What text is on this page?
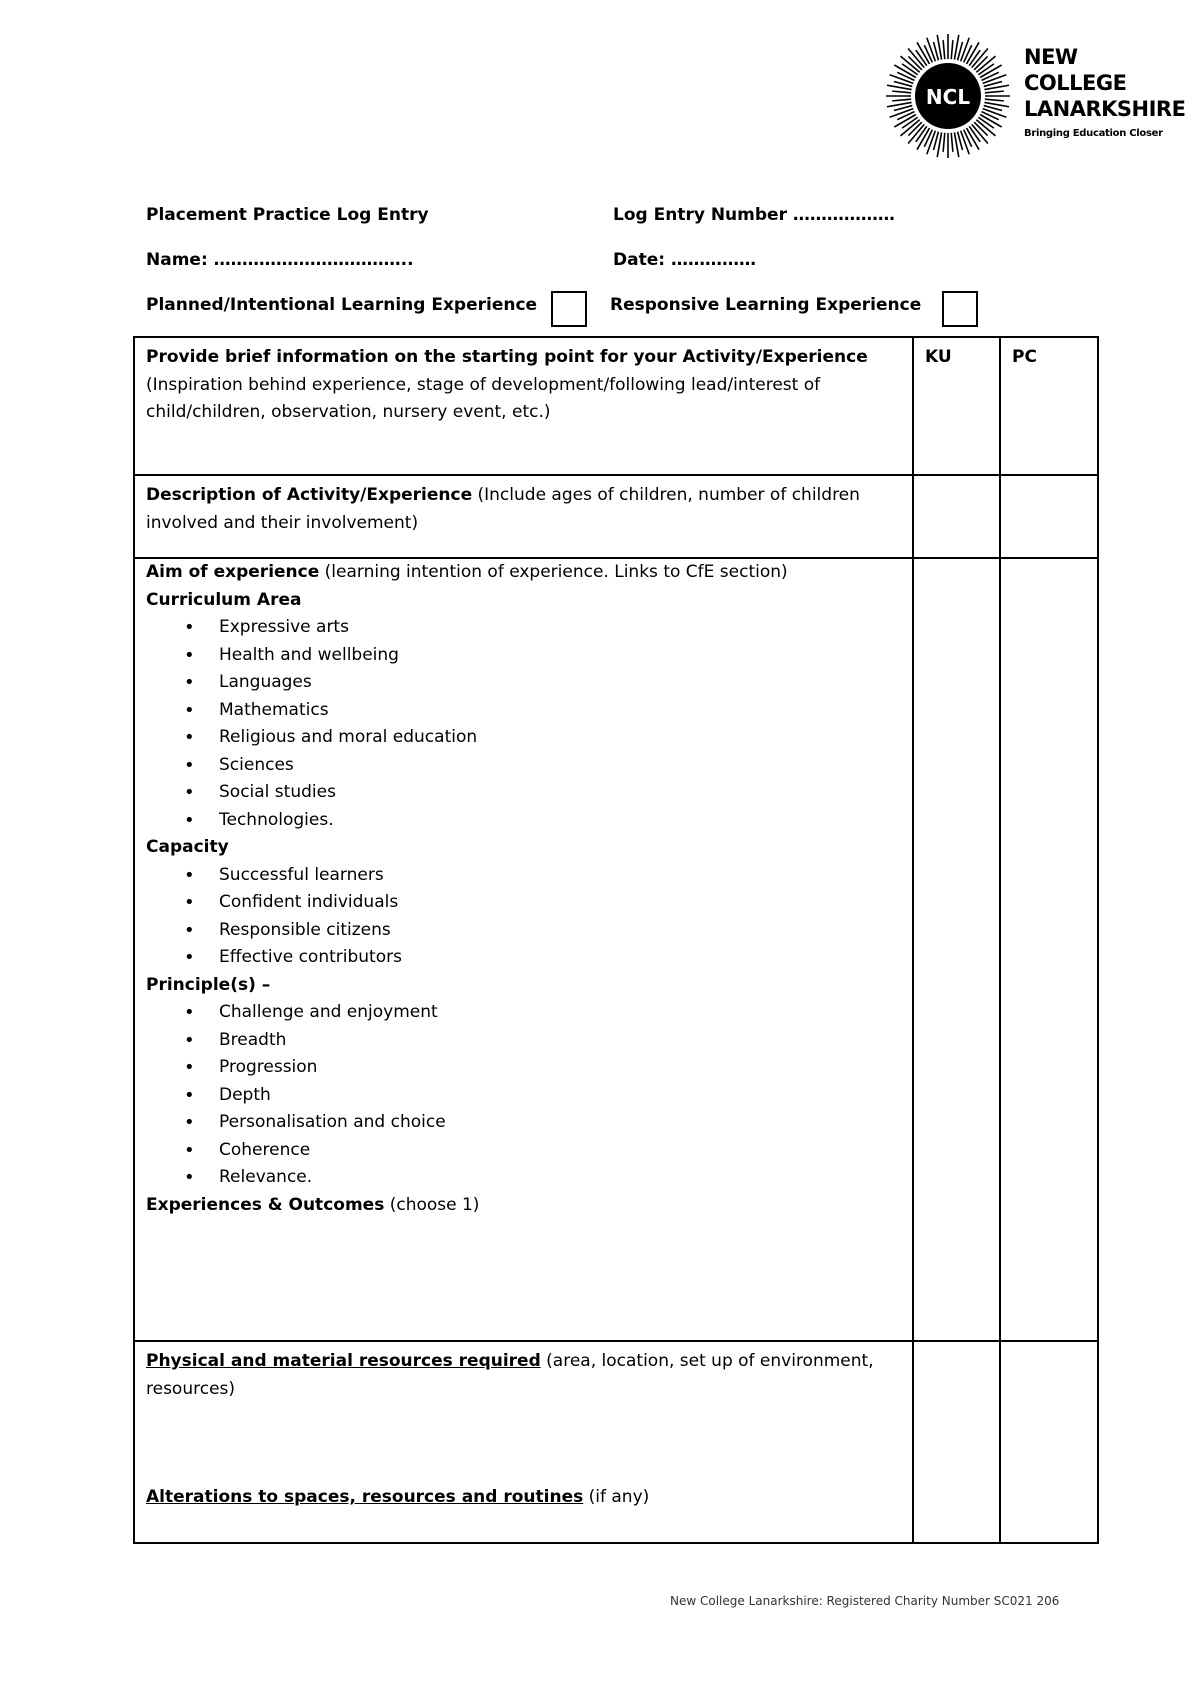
NCL
NEW
COLLEGE
LANARKSHIRE
Bringing Education Closer
Placement Practice Log Entry	Log Entry Number ………………
Name: ……………………………..	Date: ……………
Planned/Intentional Learning Experience	Responsive Learning Experience
Provide brief information on the starting point for your Activity/Experience
(Inspiration behind experience, stage of development/following lead/interest of child/children, observation, nursery event, etc.)
KU	PC
Description of Activity/Experience (Include ages of children, number of children involved and their involvement)
Aim of experience (learning intention of experience. Links to CfE section)
Curriculum Area
• Expressive arts
• Health and wellbeing
• Languages
• Mathematics
• Religious and moral education
• Sciences
• Social studies
• Technologies.
Capacity
• Successful learners
• Confident individuals
• Responsible citizens
• Effective contributors
Principle(s) –
• Challenge and enjoyment
• Breadth
• Progression
• Depth
• Personalisation and choice
• Coherence
• Relevance.
Experiences & Outcomes (choose 1)
Physical and material resources required (area, location, set up of environment, resources)
Alterations to spaces, resources and routines (if any)
New College Lanarkshire: Registered Charity Number SC021 206
